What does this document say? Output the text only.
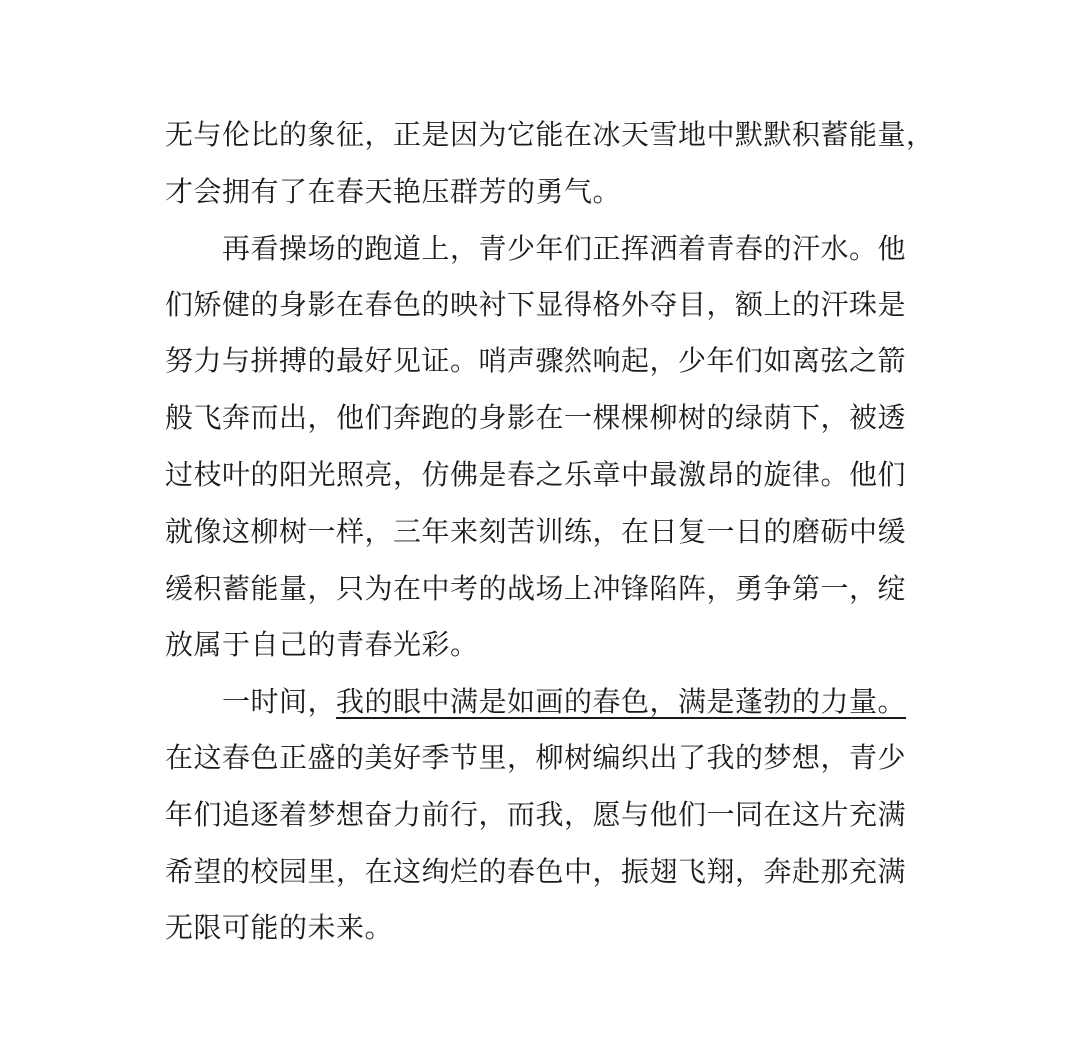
无与伦比的象征，正是因为它能在冰天雪地中默默积蓄能量，
才会拥有了在春天艳压群芳的勇气。
再看操场的跑道上，青少年们正挥洒着青春的汗水。他
们矫健的身影在春色的映衬下显得格外夺目，额上的汗珠是
努力与拼搏的最好见证。哨声骤然响起，少年们如离弦之箭
般飞奔而出，他们奔跑的身影在一棵棵柳树的绿荫下，被透
过枝叶的阳光照亮，仿佛是春之乐章中最激昂的旋律。他们
就像这柳树一样，三年来刻苦训练，在日复一日的磨砺中缓
缓积蓄能量，只为在中考的战场上冲锋陷阵，勇争第一，绽
放属于自己的青春光彩。
一时间，我的眼中满是如画的春色，满是蓬勃的力量。
在这春色正盛的美好季节里，柳树编织出了我的梦想，青少
年们追逐着梦想奋力前行，而我，愿与他们一同在这片充满
希望的校园里，在这绚烂的春色中，振翅飞翔，奔赴那充满
无限可能的未来。
